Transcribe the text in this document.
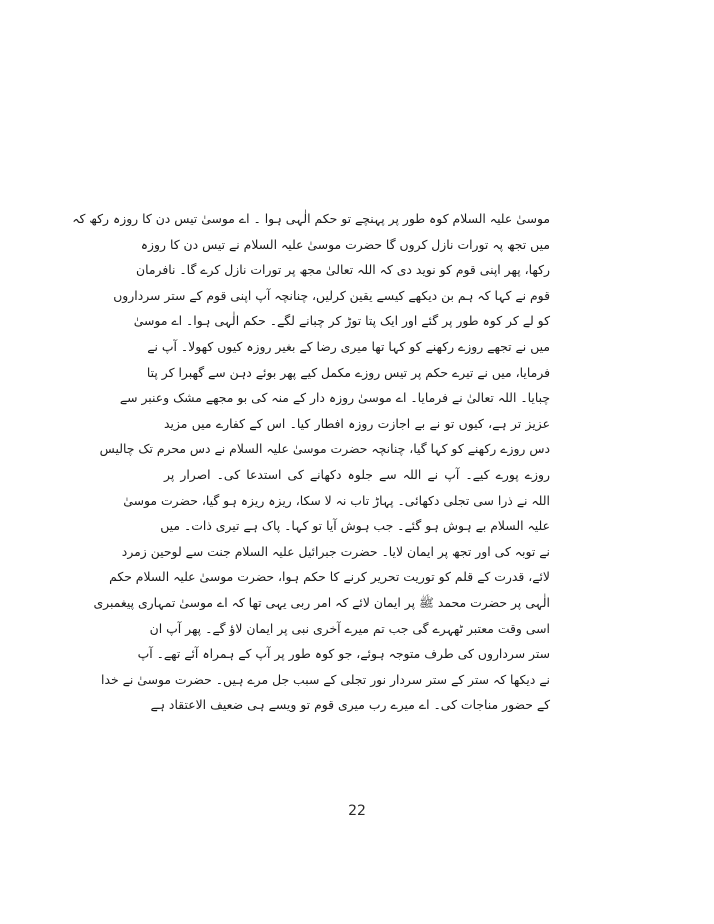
موسیٰ علیہ السلام کوہ طور پر پہنچے تو حکم الٰہی ہوا ۔ اے موسیٰ تیس دن کا روزہ رکھ کہ
میں تجھ پہ تورات نازل کروں گا حضرت موسیٰ علیہ السلام نے تیس دن کا روزہ
رکھا، پھر اپنی قوم کو نوید دی کہ اللہ تعالیٰ مجھ پر تورات نازل کرے گا۔ نافرمان
قوم نے کہا کہ ہم بن دیکھے کیسے یقین کرلیں، چنانچہ آپ اپنی قوم کے ستر سرداروں
کو لے کر کوہ طور پر گئے اور ایک پتا توڑ کر چبانے لگے۔ حکم الٰہی ہوا۔ اے موسیٰ
میں نے تجھے روزے رکھنے کو کہا تھا میری رضا کے بغیر روزہ کیوں کھولا۔ آپ نے
فرمایا، میں نے تیرے حکم پر تیس روزے مکمل کیے پھر بوئے دہن سے گھبرا کر پتا
چبایا۔ اللہ تعالیٰ نے فرمایا۔ اے موسیٰ روزہ دار کے منہ کی بو مجھے مشک وعنبر سے
عزیز تر ہے، کیوں تو نے بے اجازت روزہ افطار کیا۔ اس کے کفارے میں مزید
دس روزے رکھنے کو کہا گیا، چنانچہ حضرت موسیٰ علیہ السلام نے دس محرم تک چالیس
روزے پورے کیے۔ آپ نے اللہ سے جلوہ دکھانے کی استدعا کی۔ اصرار پر
اللہ نے ذرا سی تجلی دکھائی۔ پہاڑ تاب نہ لا سکا، ریزہ ریزہ ہو گیا، حضرت موسیٰ
علیہ السلام بے ہوش ہو گئے۔ جب ہوش آیا تو کہا۔ پاک ہے تیری ذات۔ میں
نے توبہ کی اور تجھ پر ایمان لایا۔ حضرت جبرائیل علیہ السلام جنت سے لوحین زمرد
لائے، قدرت کے قلم کو توریت تحریر کرنے کا حکم ہوا، حضرت موسیٰ علیہ السلام حکم
الٰہی پر حضرت محمد ﷺ پر ایمان لائے کہ امر ربی یہی تھا کہ اے موسیٰ تمہاری پیغمبری
اسی وقت معتبر ٹھہرے گی جب تم میرے آخری نبی پر ایمان لاؤ گے۔ پھر آپ ان
ستر سرداروں کی طرف متوجہ ہوئے، جو کوہ طور پر آپ کے ہمراہ آئے تھے۔ آپ
نے دیکھا کہ ستر کے ستر سردار نور تجلی کے سبب جل مرے ہیں۔ حضرت موسیٰ نے خدا
کے حضور مناجات کی۔ اے میرے رب میری قوم تو ویسے ہی ضعیف الاعتقاد ہے
22
